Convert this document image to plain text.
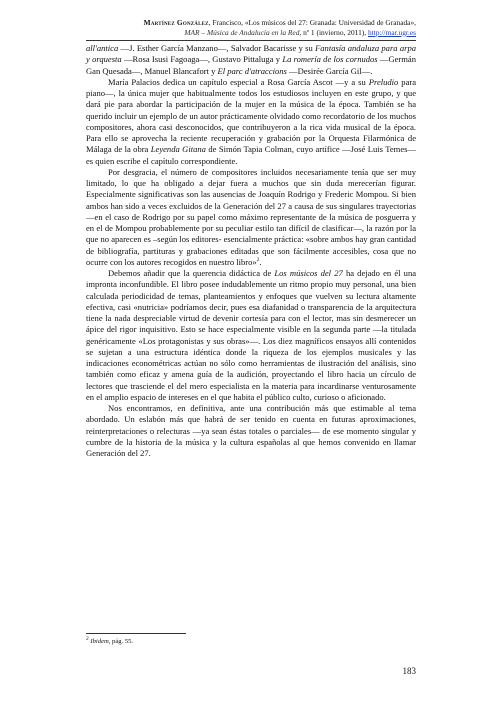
Martínez González, Francisco, «Los músicos del 27: Granada: Universidad de Granada»,
MAR – Música de Andalucía en la Red, nº 1 (invierno, 2011), http://mar.ugr.es

all'antica —J. Esther García Manzano—, Salvador Bacarisse y su Fantasía andaluza para arpa y orquesta —Rosa Isusi Fagoaga—, Gustavo Pittaluga y La romería de los cornudos —Germán Gan Quesada—, Manuel Blancafort y El parc d'atraccions —Desirée García Gil—.

María Palacios dedica un capítulo especial a Rosa García Ascot —y a su Preludio para piano—, la única mujer que habitualmente todos los estudiosos incluyen en este grupo, y que dará pie para abordar la participación de la mujer en la música de la época. También se ha querido incluir un ejemplo de un autor prácticamente olvidado como recordatorio de los muchos compositores, ahora casi desconocidos, que contribuyeron a la rica vida musical de la época. Para ello se aprovecha la reciente recuperación y grabación por la Orquesta Filarmónica de Málaga de la obra Leyenda Gitana de Simón Tapia Colman, cuyo artífice —José Luis Temes— es quien escribe el capítulo correspondiente.

Por desgracia, el número de compositores incluidos necesariamente tenía que ser muy limitado, lo que ha obligado a dejar fuera a muchos que sin duda merecerían figurar. Especialmente significativas son las ausencias de Joaquín Rodrigo y Frederic Mompou. Si bien ambos han sido a veces excluidos de la Generación del 27 a causa de sus singulares trayectorias —en el caso de Rodrigo por su papel como máximo representante de la música de posguerra y en el de Mompou probablemente por su peculiar estilo tan difícil de clasificar—, la razón por la que no aparecen es –según los editores- esencialmente práctica: «sobre ambos hay gran cantidad de bibliografía, partituras y grabaciones editadas que son fácilmente accesibles, cosa que no ocurre con los autores recogidos en nuestro libro»$^2$.

Debemos añadir que la querencia didáctica de Los músicos del 27 ha dejado en él una impronta inconfundible. El libro posee indudablemente un ritmo propio muy personal, una bien calculada periodicidad de temas, planteamientos y enfoques que vuelven su lectura altamente efectiva, casi «nutricia» podríamos decir, pues esa diafanidad o transparencia de la arquitectura tiene la nada despreciable virtud de devenir cortesía para con el lector, mas sin desmerecer un ápice del rigor inquisitivo. Esto se hace especialmente visible en la segunda parte —la titulada genéricamente «Los protagonistas y sus obras»—. Los diez magníficos ensayos allí contenidos se sujetan a una estructura idéntica donde la riqueza de los ejemplos musicales y las indicaciones econométricas actúan no sólo como herramientas de ilustración del análisis, sino también como eficaz y amena guía de la audición, proyectando el libro hacia un círculo de lectores que trasciende el del mero especialista en la materia para incardinarse venturosamente en el amplio espacio de intereses en el que habita el público culto, curioso o aficionado.

Nos encontramos, en definitiva, ante una contribución más que estimable al tema abordado. Un eslabón más que habrá de ser tenido en cuenta en futuras aproximaciones, reinterpretaciones o relecturas —ya sean éstas totales o parciales— de ese momento singular y cumbre de la historia de la música y la cultura españolas al que hemos convenido en llamar Generación del 27.

$^2$ Ibidem, pág. 55.
183
